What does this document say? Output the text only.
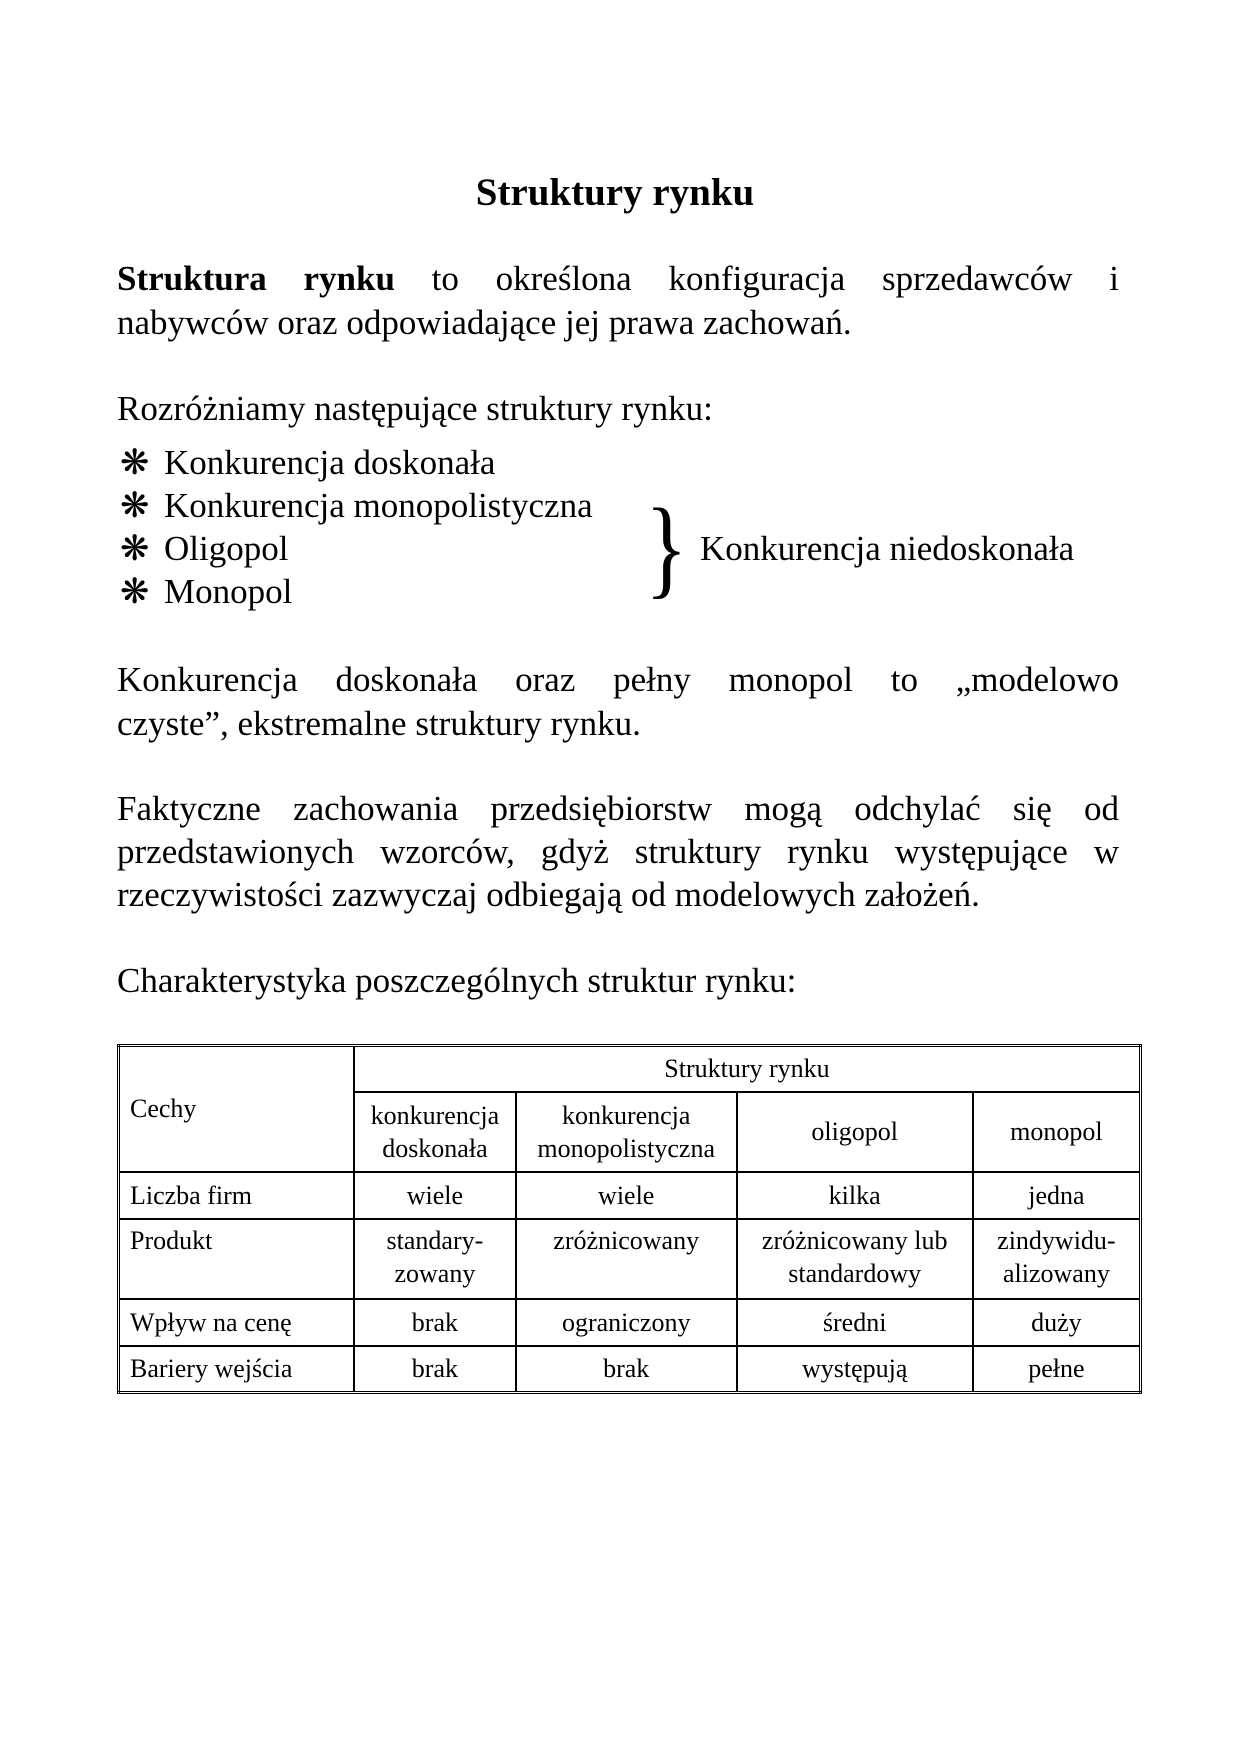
Struktury rynku
Struktura rynku to określona konfiguracja sprzedawców i
nabywców oraz odpowiadające jej prawa zachowań.
Rozróżniamy następujące struktury rynku:
❋ Konkurencja doskonała
❋ Konkurencja monopolistyczna
❋ Oligopol
❋ Monopol	} Konkurencja niedoskonała
Konkurencja doskonała oraz pełny monopol to „modelowo
czyste”, ekstremalne struktury rynku.
Faktyczne zachowania przedsiębiorstw mogą odchylać się od
przedstawionych wzorców, gdyż struktury rynku występujące w
rzeczywistości zazwyczaj odbiegają od modelowych założeń.
Charakterystyka poszczególnych struktur rynku:
Cechy	Struktury rynku			
	konkurencja doskonała	konkurencja monopolistyczna	oligopol	monopol
Liczba firm	wiele	wiele	kilka	jedna
Produkt	standary-zowany	zróżnicowany	zróżnicowany lub standardowy	zindywidu-alizowany
Wpływ na cenę	brak	ograniczony	średni	duży
Bariery wejścia	brak	brak	występują	pełne
